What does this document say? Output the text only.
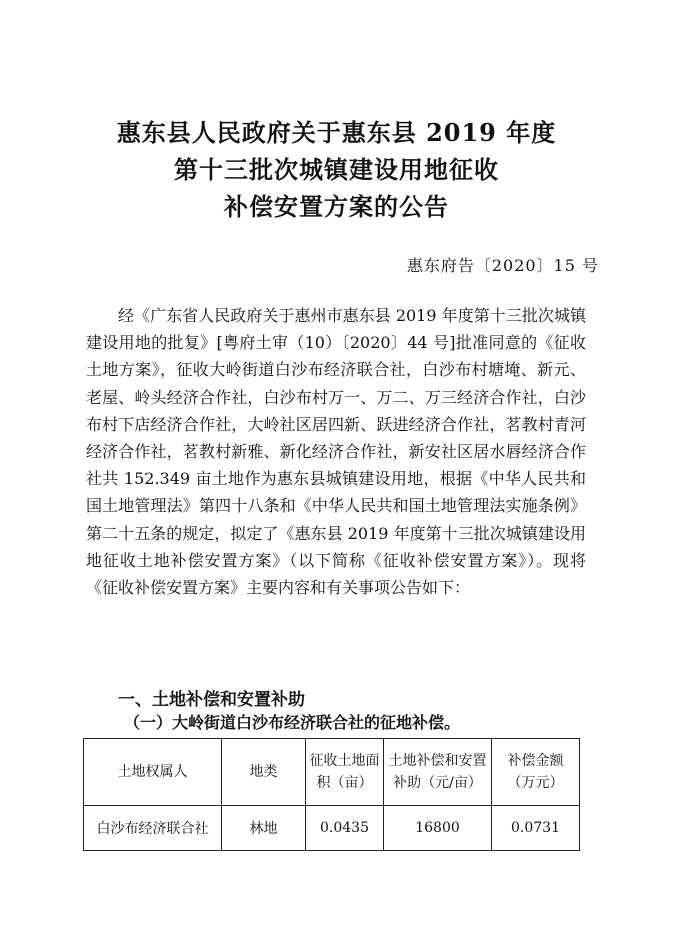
惠东县人民政府关于惠东县 2019 年度
第十三批次城镇建设用地征收
补偿安置方案的公告
惠东府告〔2020〕15 号

经《广东省人民政府关于惠州市惠东县 2019 年度第十三批次城镇建设用地的批复》[粤府土审（10）〔2020〕44 号]批准同意的《征收土地方案》，征收大岭街道白沙布经济联合社，白沙布村塘埯、新元、老屋、岭头经济合作社，白沙布村万一、万二、万三经济合作社，白沙布村下店经济合作社，大岭社区居四新、跃进经济合作社，茗教村青河经济合作社，茗教村新雅、新化经济合作社，新安社区居水唇经济合作社共 152.349 亩土地作为惠东县城镇建设用地，根据《中华人民共和国土地管理法》第四十八条和《中华人民共和国土地管理法实施条例》第二十五条的规定，拟定了《惠东县 2019 年度第十三批次城镇建设用地征收土地补偿安置方案》（以下简称《征收补偿安置方案》）。现将《征收补偿安置方案》主要内容和有关事项公告如下：

一、土地补偿和安置补助
（一）大岭街道白沙布经济联合社的征地补偿。
土地权属人	地类	征收土地面积（亩）	土地补偿和安置补助（元/亩）	补偿金额（万元）
白沙布经济联合社	林地	0.0435	16800	0.0731
